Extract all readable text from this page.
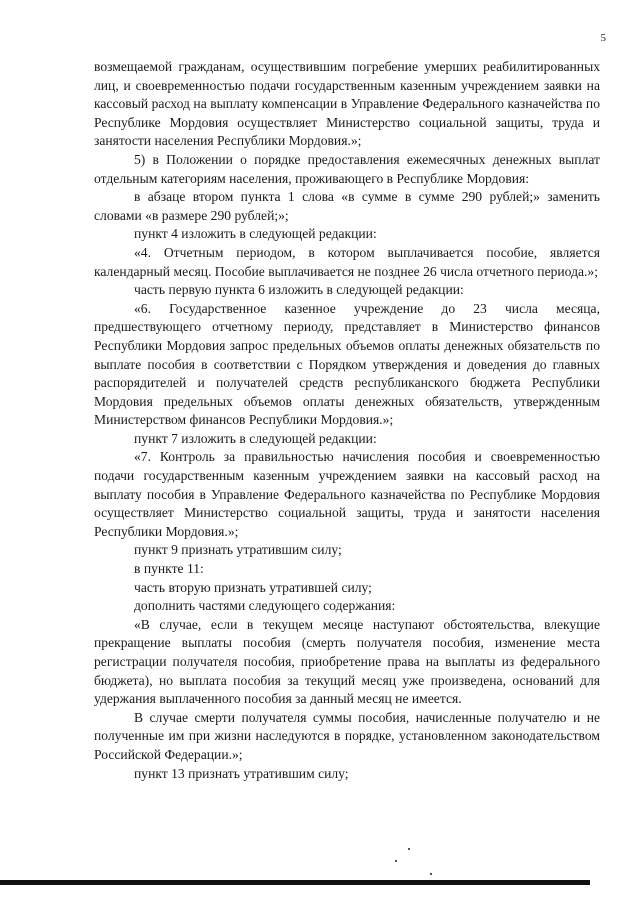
5

возмещаемой гражданам, осуществившим погребение умерших реабилитированных лиц, и своевременностью подачи государственным казенным учреждением заявки на кассовый расход на выплату компенсации в Управление Федерального казначейства по Республике Мордовия осуществляет Министерство социальной защиты, труда и занятости населения Республики Мордовия.»;

5) в Положении о порядке предоставления ежемесячных денежных выплат отдельным категориям населения, проживающего в Республике Мордовия:

в абзаце втором пункта 1 слова «в сумме в сумме 290 рублей;» заменить словами «в размере 290 рублей;»;

пункт 4 изложить в следующей редакции:

«4. Отчетным периодом, в котором выплачивается пособие, является календарный месяц. Пособие выплачивается не позднее 26 числа отчетного периода.»;

часть первую пункта 6 изложить в следующей редакции:

«6. Государственное казенное учреждение до 23 числа месяца, предшествующего отчетному периоду, представляет в Министерство финансов Республики Мордовия запрос предельных объемов оплаты денежных обязательств по выплате пособия в соответствии с Порядком утверждения и доведения до главных распорядителей и получателей средств республиканского бюджета Республики Мордовия предельных объемов оплаты денежных обязательств, утвержденным Министерством финансов Республики Мордовия.»;

пункт 7 изложить в следующей редакции:

«7. Контроль за правильностью начисления пособия и своевременностью подачи государственным казенным учреждением заявки на кассовый расход на выплату пособия в Управление Федерального казначейства по Республике Мордовия осуществляет Министерство социальной защиты, труда и занятости населения Республики Мордовия.»;

пункт 9 признать утратившим силу;

в пункте 11:

часть вторую признать утратившей силу;

дополнить частями следующего содержания:

«В случае, если в текущем месяце наступают обстоятельства, влекущие прекращение выплаты пособия (смерть получателя пособия, изменение места регистрации получателя пособия, приобретение права на выплаты из федерального бюджета), но выплата пособия за текущий месяц уже произведена, оснований для удержания выплаченного пособия за данный месяц не имеется.

В случае смерти получателя суммы пособия, начисленные получателю и не полученные им при жизни наследуются в порядке, установленном законодательством Российской Федерации.»;

пункт 13 признать утратившим силу;
